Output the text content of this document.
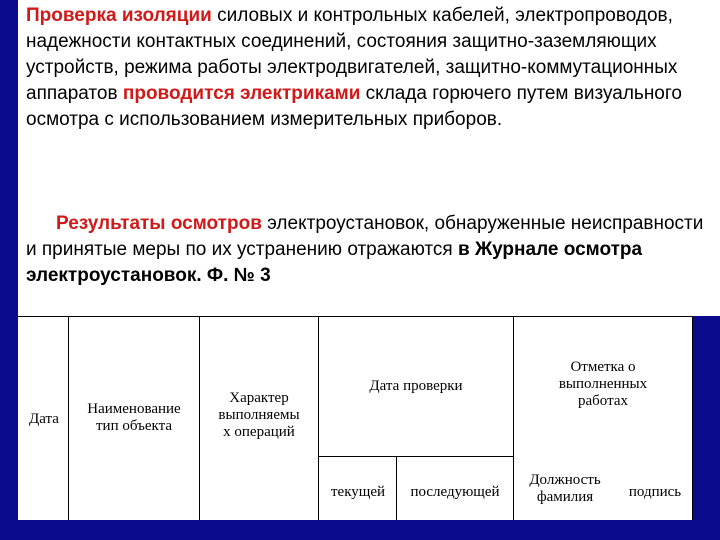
Проверка изоляции силовых и контрольных кабелей, электропроводов, надежности контактных соединений, состояния защитно-заземляющих устройств, режима работы электродвигателей, защитно-коммутационных аппаратов проводится электриками склада горючего путем визуального осмотра с использованием измерительных приборов.

Результаты осмотров электроустановок, обнаруженные неисправности и принятые меры по их устранению отражаются в Журнале осмотра электроустановок. Ф. № 3

Дата
Наименование
тип объекта
Характер
выполняемы
х операций
Дата проверки
текущей	последующей
Отметка о
выполненных
работах
Должность
фамилия	подпись
